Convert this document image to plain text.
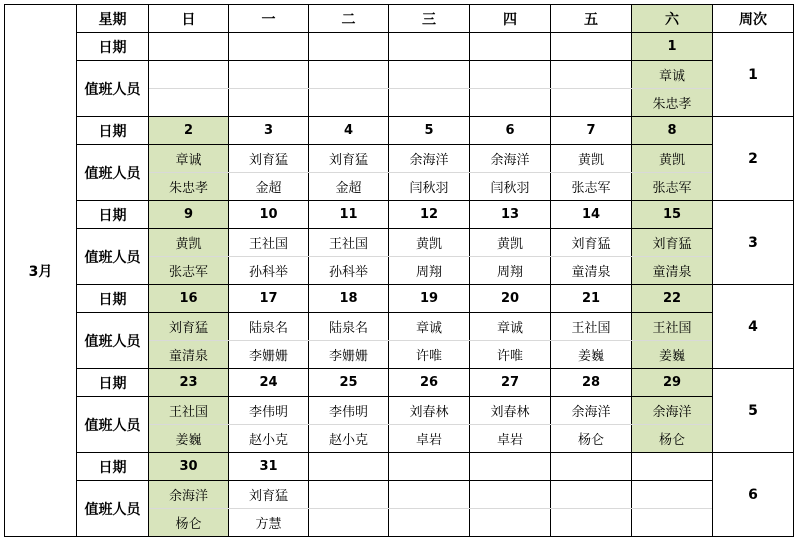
3月	星期	日	一	二	三	四	五	六	周次
	日期							1	1
	值班人员							章诚	
								朱忠孝	
	日期	2	3	4	5	6	7	8	2
	值班人员	章诚	刘育猛	刘育猛	余海洋	余海洋	黄凯	黄凯	
		朱忠孝	金超	金超	闫秋羽	闫秋羽	张志军	张志军	
	日期	9	10	11	12	13	14	15	3
	值班人员	黄凯	王社国	王社国	黄凯	黄凯	刘育猛	刘育猛	
		张志军	孙科举	孙科举	周翔	周翔	童清泉	童清泉	
	日期	16	17	18	19	20	21	22	4
	值班人员	刘育猛	陆泉名	陆泉名	章诚	章诚	王社国	王社国	
		童清泉	李姗姗	李姗姗	许唯	许唯	姜巍	姜巍	
	日期	23	24	25	26	27	28	29	5
	值班人员	王社国	李伟明	李伟明	刘春林	刘春林	余海洋	余海洋	
		姜巍	赵小克	赵小克	卓岩	卓岩	杨仑	杨仑	
	日期	30	31						6
	值班人员	余海洋	刘育猛						
		杨仑	方慧						
